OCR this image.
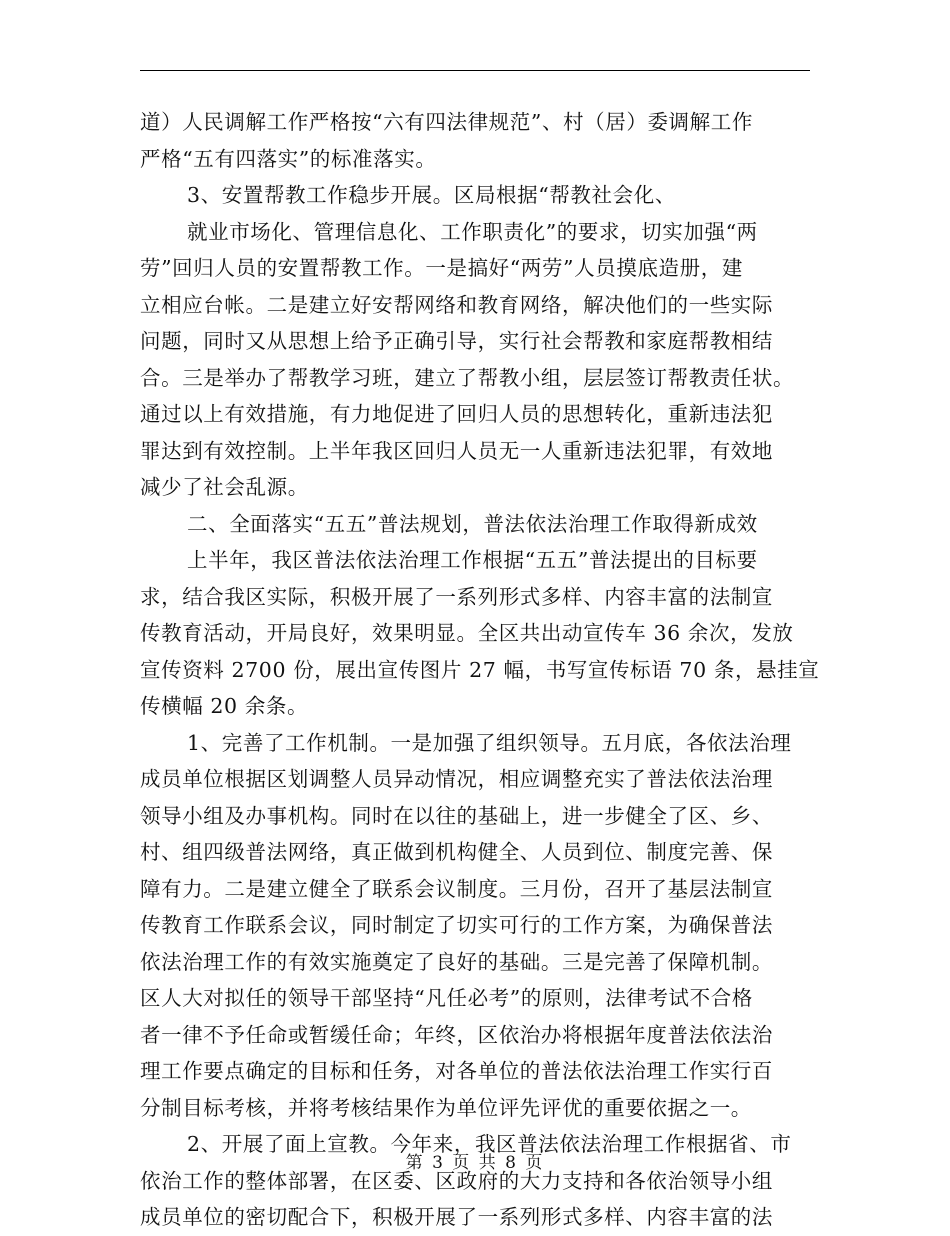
道）人民调解工作严格按“六有四法律规范”、村（居）委调解工作
严格“五有四落实”的标准落实。
3、安置帮教工作稳步开展。区局根据“帮教社会化、
就业市场化、管理信息化、工作职责化”的要求，切实加强“两
劳”回归人员的安置帮教工作。一是搞好“两劳”人员摸底造册，建
立相应台帐。二是建立好安帮网络和教育网络，解决他们的一些实际
问题，同时又从思想上给予正确引导，实行社会帮教和家庭帮教相结
合。三是举办了帮教学习班，建立了帮教小组，层层签订帮教责任状。
通过以上有效措施，有力地促进了回归人员的思想转化，重新违法犯
罪达到有效控制。上半年我区回归人员无一人重新违法犯罪，有效地
减少了社会乱源。
二、全面落实“五五”普法规划，普法依法治理工作取得新成效
上半年，我区普法依法治理工作根据“五五”普法提出的目标要
求，结合我区实际，积极开展了一系列形式多样、内容丰富的法制宣
传教育活动，开局良好，效果明显。全区共出动宣传车 36 余次，发放
宣传资料 2700 份，展出宣传图片 27 幅，书写宣传标语 70 条，悬挂宣
传横幅 20 余条。
1、完善了工作机制。一是加强了组织领导。五月底，各依法治理
成员单位根据区划调整人员异动情况，相应调整充实了普法依法治理
领导小组及办事机构。同时在以往的基础上，进一步健全了区、乡、
村、组四级普法网络，真正做到机构健全、人员到位、制度完善、保
障有力。二是建立健全了联系会议制度。三月份，召开了基层法制宣
传教育工作联系会议，同时制定了切实可行的工作方案，为确保普法
依法治理工作的有效实施奠定了良好的基础。三是完善了保障机制。
区人大对拟任的领导干部坚持“凡任必考”的原则，法律考试不合格
者一律不予任命或暂缓任命；年终，区依治办将根据年度普法依法治
理工作要点确定的目标和任务，对各单位的普法依法治理工作实行百
分制目标考核，并将考核结果作为单位评先评优的重要依据之一。
2、开展了面上宣教。今年来，我区普法依法治理工作根据省、市
依治工作的整体部署，在区委、区政府的大力支持和各依治领导小组
成员单位的密切配合下，积极开展了一系列形式多样、内容丰富的法
第 3 页 共 8 页
